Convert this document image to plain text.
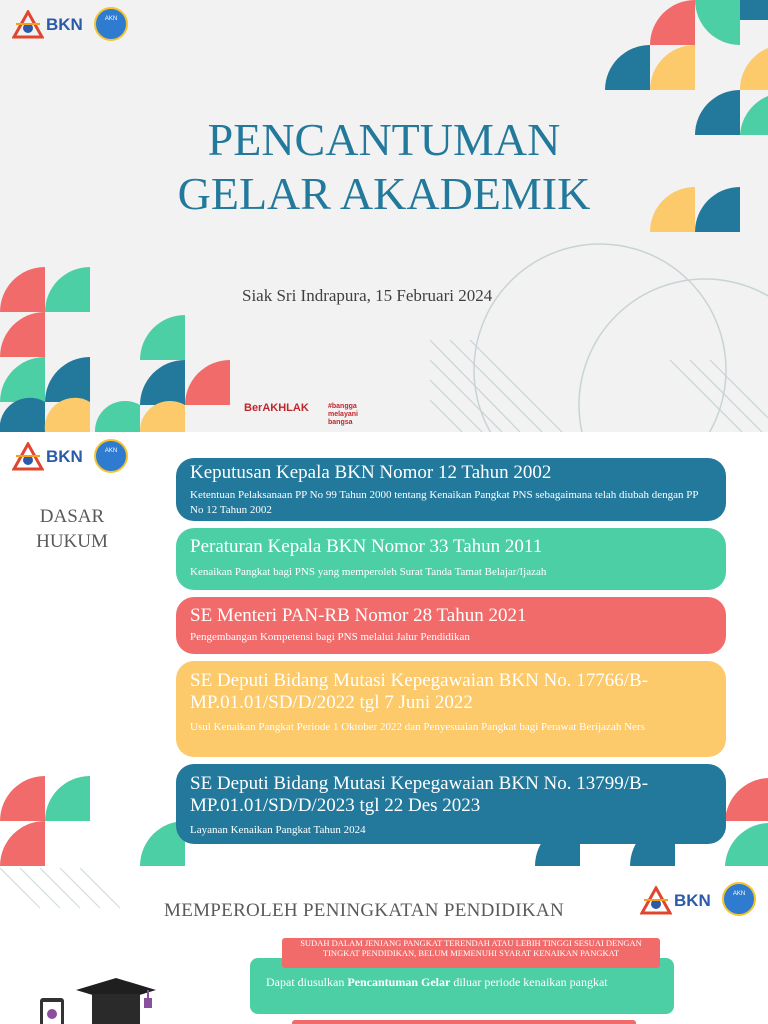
BKN	AKN
PENCANTUMAN
GELAR AKADEMIK
Siak Sri Indrapura, 15 Februari 2024
BerAKHLAK	#bangga melayani bangsa
BKN	AKN
DASAR
HUKUM
Keputusan Kepala BKN Nomor 12 Tahun 2002
Ketentuan Pelaksanaan PP No 99 Tahun 2000 tentang Kenaikan Pangkat PNS sebagaimana telah diubah dengan PP No 12 Tahun 2002
Peraturan Kepala BKN Nomor 33 Tahun 2011
Kenaikan Pangkat bagi PNS yang memperoleh Surat Tanda Tamat Belajar/Ijazah
SE Menteri PAN-RB Nomor 28 Tahun 2021
Pengembangan Kompetensi bagi PNS melalui Jalur Pendidikan
SE Deputi Bidang Mutasi Kepegawaian BKN No. 17766/B-MP.01.01/SD/D/2022 tgl 7 Juni 2022
Usul Kenaikan Pangkat Periode 1 Oktober 2022 dan Penyesuaian Pangkat bagi Perawat Berijazah Ners
SE Deputi Bidang Mutasi Kepegawaian BKN No. 13799/B-MP.01.01/SD/D/2023 tgl 22 Des 2023
Layanan Kenaikan Pangkat Tahun 2024
MEMPEROLEH PENINGKATAN PENDIDIKAN	BKN	AKN
Dapat diusulkan Pencantuman Gelar diluar periode kenaikan pangkat
SUDAH DALAM JENJANG PANGKAT TERENDAH ATAU LEBIH TINGGI SESUAI DENGAN TINGKAT PENDIDIKAN, BELUM MEMENUHI SYARAT KENAIKAN PANGKAT
